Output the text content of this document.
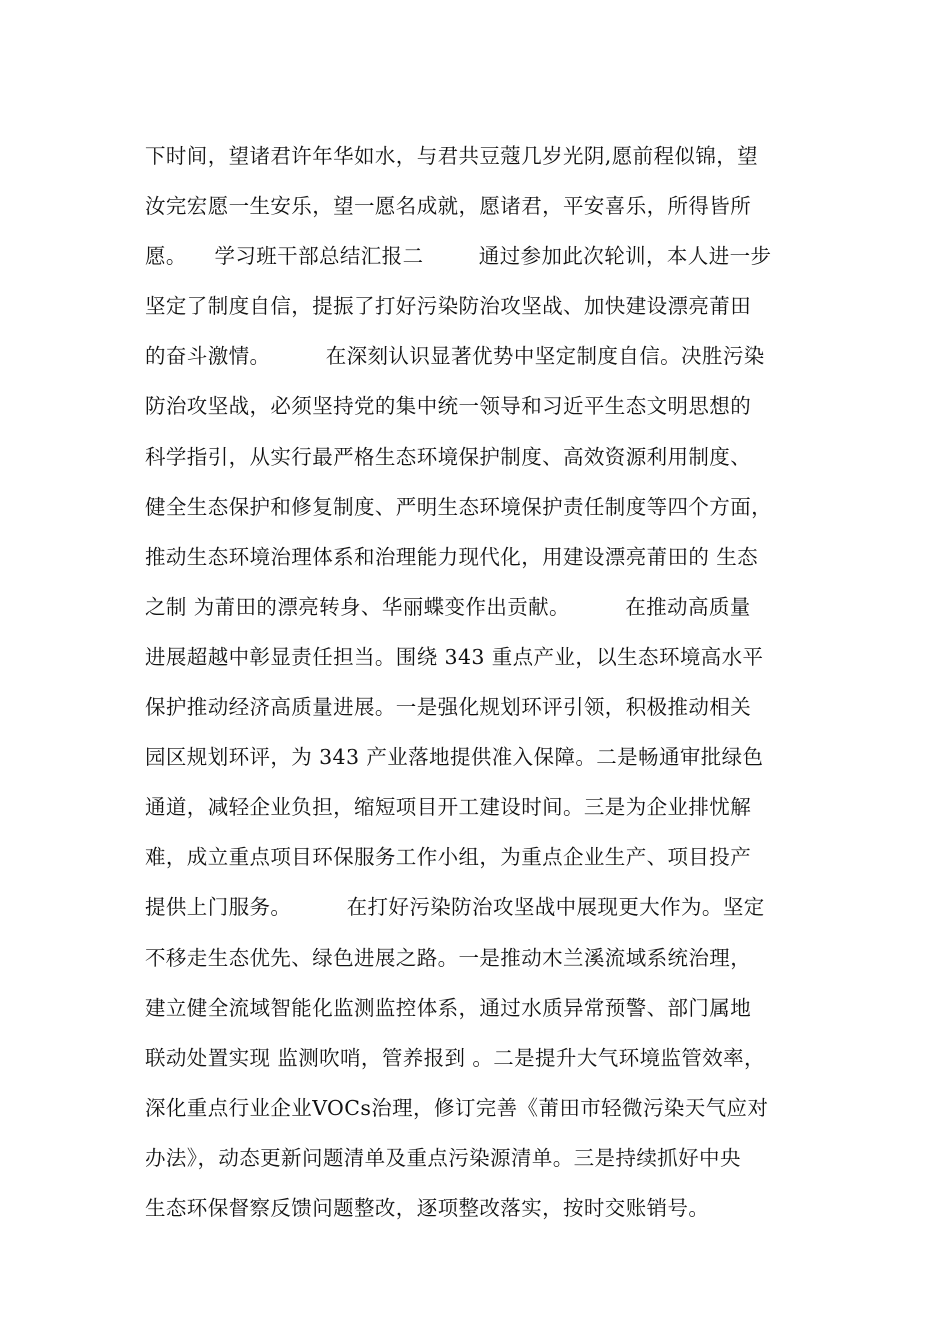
下时间，望诸君许年华如水，与君共豆蔻几岁光阴,愿前程似锦，望
汝完宏愿一生安乐，望一愿名成就，愿诸君，平安喜乐，所得皆所
愿。    学习班干部总结汇报二        通过参加此次轮训，本人进一步
坚定了制度自信，提振了打好污染防治攻坚战、加快建设漂亮莆田
的奋斗激情。        在深刻认识显著优势中坚定制度自信。决胜污染
防治攻坚战，必须坚持党的集中统一领导和习近平生态文明思想的
科学指引，从实行最严格生态环境保护制度、高效资源利用制度、
健全生态保护和修复制度、严明生态环境保护责任制度等四个方面，
推动生态环境治理体系和治理能力现代化，用建设漂亮莆田的 生态
之制 为莆田的漂亮转身、华丽蝶变作出贡献。        在推动高质量
进展超越中彰显责任担当。围绕 343 重点产业，以生态环境高水平
保护推动经济高质量进展。一是强化规划环评引领，积极推动相关
园区规划环评，为 343 产业落地提供准入保障。二是畅通审批绿色
通道，减轻企业负担，缩短项目开工建设时间。三是为企业排忧解
难，成立重点项目环保服务工作小组，为重点企业生产、项目投产
提供上门服务。        在打好污染防治攻坚战中展现更大作为。坚定
不移走生态优先、绿色进展之路。一是推动木兰溪流域系统治理，
建立健全流域智能化监测监控体系，通过水质异常预警、部门属地
联动处置实现 监测吹哨，管养报到 。二是提升大气环境监管效率，
深化重点行业企业VOCs治理，修订完善《莆田市轻微污染天气应对
办法》，动态更新问题清单及重点污染源清单。三是持续抓好中央
生态环保督察反馈问题整改，逐项整改落实，按时交账销号。
